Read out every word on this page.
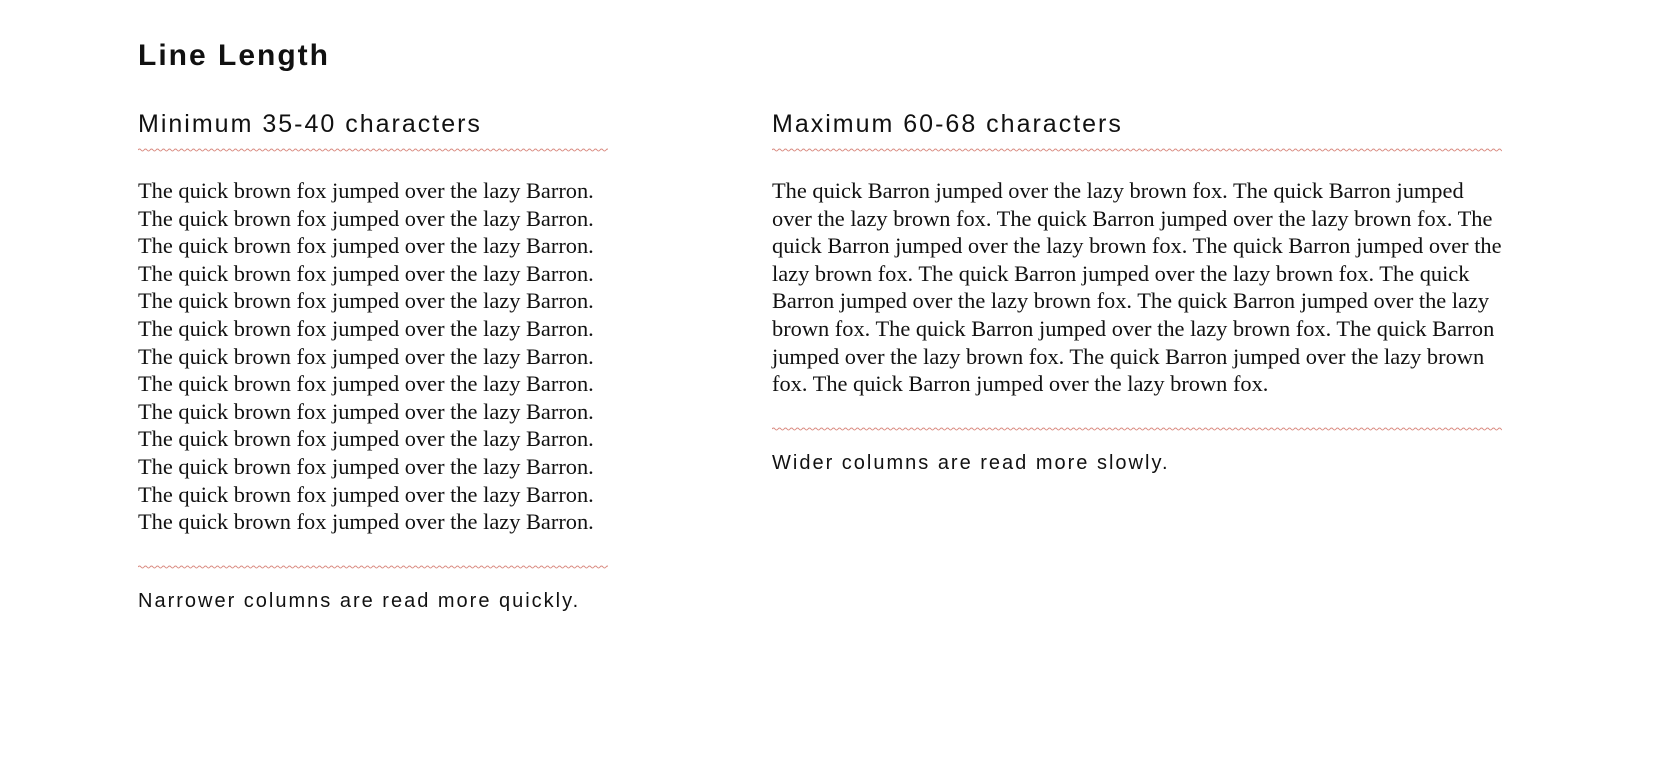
Line Length
Minimum 35-40 characters

The quick brown fox jumped over the lazy Barron. The quick brown fox jumped over the lazy Barron. The quick brown fox jumped over the lazy Barron. The quick brown fox jumped over the lazy Barron. The quick brown fox jumped over the lazy Barron. The quick brown fox jumped over the lazy Barron. The quick brown fox jumped over the lazy Barron. The quick brown fox jumped over the lazy Barron. The quick brown fox jumped over the lazy Barron. The quick brown fox jumped over the lazy Barron. The quick brown fox jumped over the lazy Barron. The quick brown fox jumped over the lazy Barron. The quick brown fox jumped over the lazy Barron.

Narrower columns are read more quickly.

Maximum 60-68 characters

The quick Barron jumped over the lazy brown fox. The quick Barron jumped over the lazy brown fox. The quick Barron jumped over the lazy brown fox. The quick Barron jumped over the lazy brown fox. The quick Barron jumped over the lazy brown fox. The quick Barron jumped over the lazy brown fox. The quick Barron jumped over the lazy brown fox. The quick Barron jumped over the lazy brown fox. The quick Barron jumped over the lazy brown fox. The quick Barron jumped over the lazy brown fox. The quick Barron jumped over the lazy brown fox. The quick Barron jumped over the lazy brown fox.

Wider columns are read more slowly.
